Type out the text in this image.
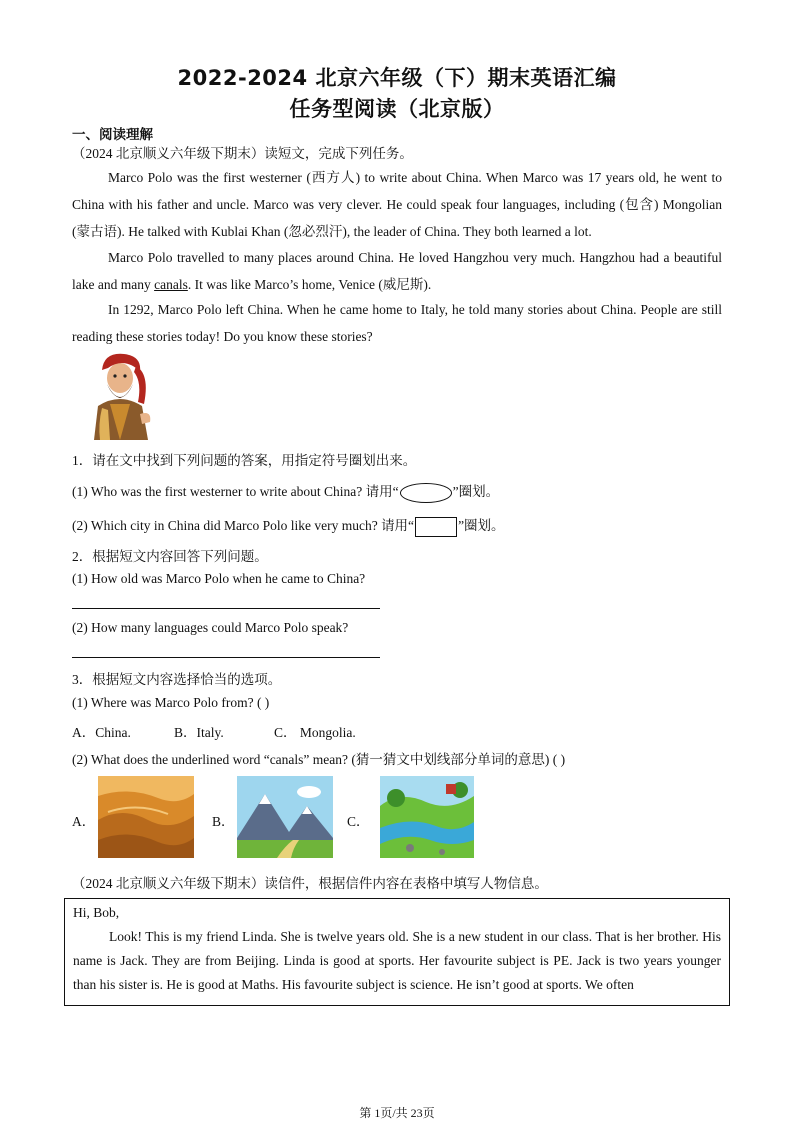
2022-2024 北京六年级（下）期末英语汇编
任务型阅读（北京版）
一、阅读理解
（2024 北京顺义六年级下期末）读短文，完成下列任务。

Marco Polo was the first westerner (西方人) to write about China. When Marco was 17 years old, he went to China with his father and uncle. Marco was very clever. He could speak four languages, including (包含) Mongolian (蒙古语). He talked with Kublai Khan (忽必烈汗), the leader of China. They both learned a lot.

Marco Polo travelled to many places around China. He loved Hangzhou very much. Hangzhou had a beautiful lake and many canals. It was like Marco’s home, Venice (威尼斯).

In 1292, Marco Polo left China. When he came home to Italy, he told many stories about China. People are still reading these stories today! Do you know these stories?

1．请在文中找到下列问题的答案，用指定符号圈划出来。
(1) Who was the first westerner to write about China? 请用“	”圈划。
(2) Which city in China did Marco Polo like very much? 请用“	”圈划。
2．根据短文内容回答下列问题。
(1) How old was Marco Polo when he came to China?
(2) How many languages could Marco Polo speak?
3．根据短文内容选择恰当的选项。
(1) Where was Marco Polo from? ( )
A．China.	B．Italy.	C． Mongolia.
(2) What does the underlined word “canals” mean? (猜一猜文中划线部分单词的意思) ( )
A．	B．	C．
（2024 北京顺义六年级下期末）读信件，根据信件内容在表格中填写人物信息。
Hi, Bob,

Look! This is my friend Linda. She is twelve years old. She is a new student in our class. That is her brother. His name is Jack. They are from Beijing. Linda is good at sports. Her favourite subject is PE. Jack is two years younger than his sister is. He is good at Maths. His favourite subject is science. He isn’t good at sports. We often

第 1页/共 23页
